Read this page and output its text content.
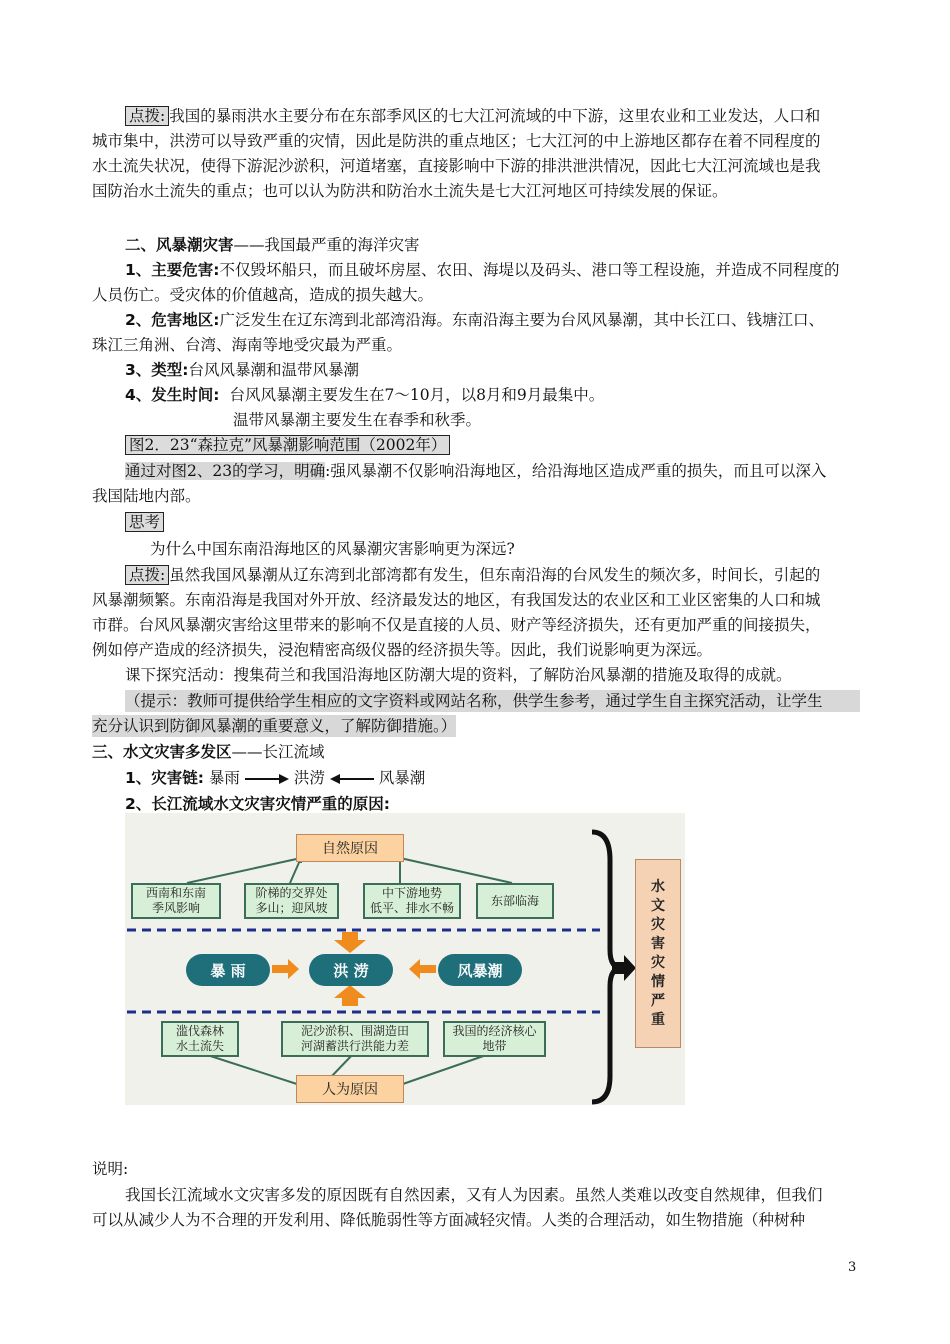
点拨: 我国的暴雨洪水主要分布在东部季风区的七大江河流域的中下游，这里农业和工业发达，人口和
城市集中，洪涝可以导致严重的灾情，因此是防洪的重点地区；七大江河的中上游地区都存在着不同程度的
水土流失状况，使得下游泥沙淤积，河道堵塞，直接影响中下游的排洪泄洪情况，因此七大江河流域也是我
国防治水土流失的重点；也可以认为防洪和防治水土流失是七大江河地区可持续发展的保证。
二、风暴潮灾害——我国最严重的海洋灾害
1、主要危害:不仅毁坏船只，而且破坏房屋、农田、海堤以及码头、港口等工程设施，并造成不同程度的
人员伤亡。受灾体的价值越高，造成的损失越大。
2、危害地区:广泛发生在辽东湾到北部湾沿海。东南沿海主要为台风风暴潮，其中长江口、钱塘江口、
珠江三角洲、台湾、海南等地受灾最为严重。
3、类型:台风风暴潮和温带风暴潮
4、发生时间: 台风风暴潮主要发生在7～10月，以8月和9月最集中。
温带风暴潮主要发生在春季和秋季。
图2．23“森拉克”风暴潮影响范围（2002年）
通过对图2、23的学习，明确:强风暴潮不仅影响沿海地区，给沿海地区造成严重的损失，而且可以深入
我国陆地内部。
思考
为什么中国东南沿海地区的风暴潮灾害影响更为深远?
点拨: 虽然我国风暴潮从辽东湾到北部湾都有发生，但东南沿海的台风发生的频次多，时间长，引起的
风暴潮频繁。东南沿海是我国对外开放、经济最发达的地区，有我国发达的农业区和工业区密集的人口和城
市群。台风风暴潮灾害给这里带来的影响不仅是直接的人员、财产等经济损失，还有更加严重的间接损失，
例如停产造成的经济损失，浸泡精密高级仪器的经济损失等。因此，我们说影响更为深远。
课下探究活动：搜集荷兰和我国沿海地区防潮大堤的资料，了解防治风暴潮的措施及取得的成就。
（提示：教师可提供给学生相应的文字资料或网站名称，供学生参考，通过学生自主探究活动，让学生
充分认识到防御风暴潮的重要意义，了解防御措施。）
三、水文灾害多发区——长江流域
1、灾害链: 暴雨	洪涝	风暴潮
2、长江流域水文灾害灾情严重的原因:
自然原因
西南和东南
季风影响
阶梯的交界处
多山；迎风坡
中下游地势
低平、排水不畅
东部临海
暴 雨	洪 涝	风暴潮
滥伐森林
水土流失
泥沙淤积、围湖造田
河湖蓄洪行洪能力差
我国的经济核心
地带
人为原因
水
文
灾
害
灾
情
严
重
说明:
我国长江流域水文灾害多发的原因既有自然因素，又有人为因素。虽然人类难以改变自然规律，但我们
可以从减少人为不合理的开发利用、降低脆弱性等方面减轻灾情。人类的合理活动，如生物措施（种树种
3
